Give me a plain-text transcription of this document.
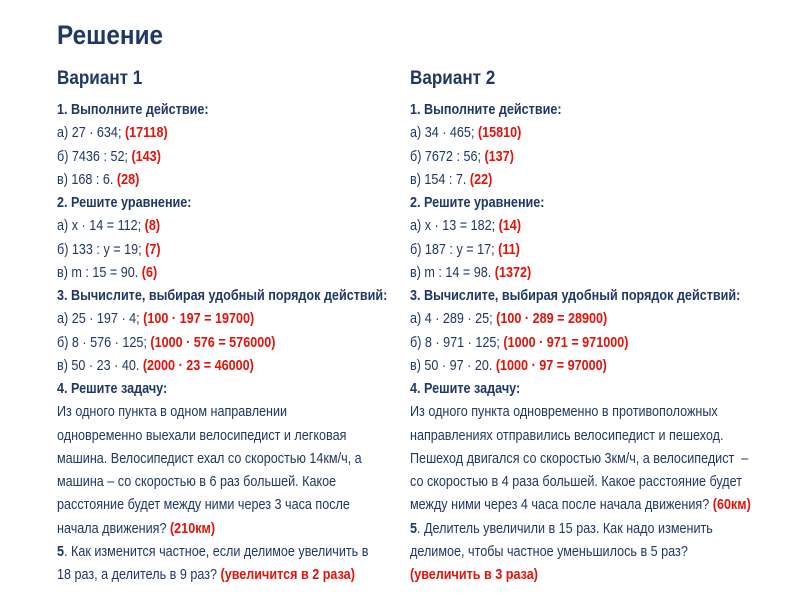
Решение
Вариант 1
1. Выполните действие:
а) 27 · 634; (17118)
б) 7436 : 52; (143)
в) 168 : 6. (28)
2. Решите уравнение:
а) x · 14 = 112; (8)
б) 133 : y = 19; (7)
в) m : 15 = 90. (6)
3. Вычислите, выбирая удобный порядок действий:
а) 25 · 197 · 4; (100 · 197 = 19700)
б) 8 · 576 · 125; (1000 · 576 = 576000)
в) 50 · 23 · 40. (2000 · 23 = 46000)
4. Решите задачу:
Из одного пункта в одном направлении
одновременно выехали велосипедист и легковая
машина. Велосипедист ехал со скоростью 14км/ч, а
машина – со скоростью в 6 раз большей. Какое
расстояние будет между ними через 3 часа после
начала движения? (210км)
5. Как изменится частное, если делимое увеличить в
18 раз, а делитель в 9 раз? (увеличится в 2 раза)
Вариант 2
1. Выполните действие:
а) 34 · 465; (15810)
б) 7672 : 56; (137)
в) 154 : 7. (22)
2. Решите уравнение:
а) x · 13 = 182; (14)
б) 187 : y = 17; (11)
в) m : 14 = 98. (1372)
3. Вычислите, выбирая удобный порядок действий:
а) 4 · 289 · 25; (100 · 289 = 28900)
б) 8 · 971 · 125; (1000 · 971 = 971000)
в) 50 · 97 · 20. (1000 · 97 = 97000)
4. Решите задачу:
Из одного пункта одновременно в противоположных
направлениях отправились велосипедист и пешеход.
Пешеход двигался со скоростью 3км/ч, а велосипедист  –
со скоростью в 4 раза большей. Какое расстояние будет
между ними через 4 часа после начала движения? (60км)
5. Делитель увеличили в 15 раз. Как надо изменить
делимое, чтобы частное уменьшилось в 5 раз?
(увеличить в 3 раза)
